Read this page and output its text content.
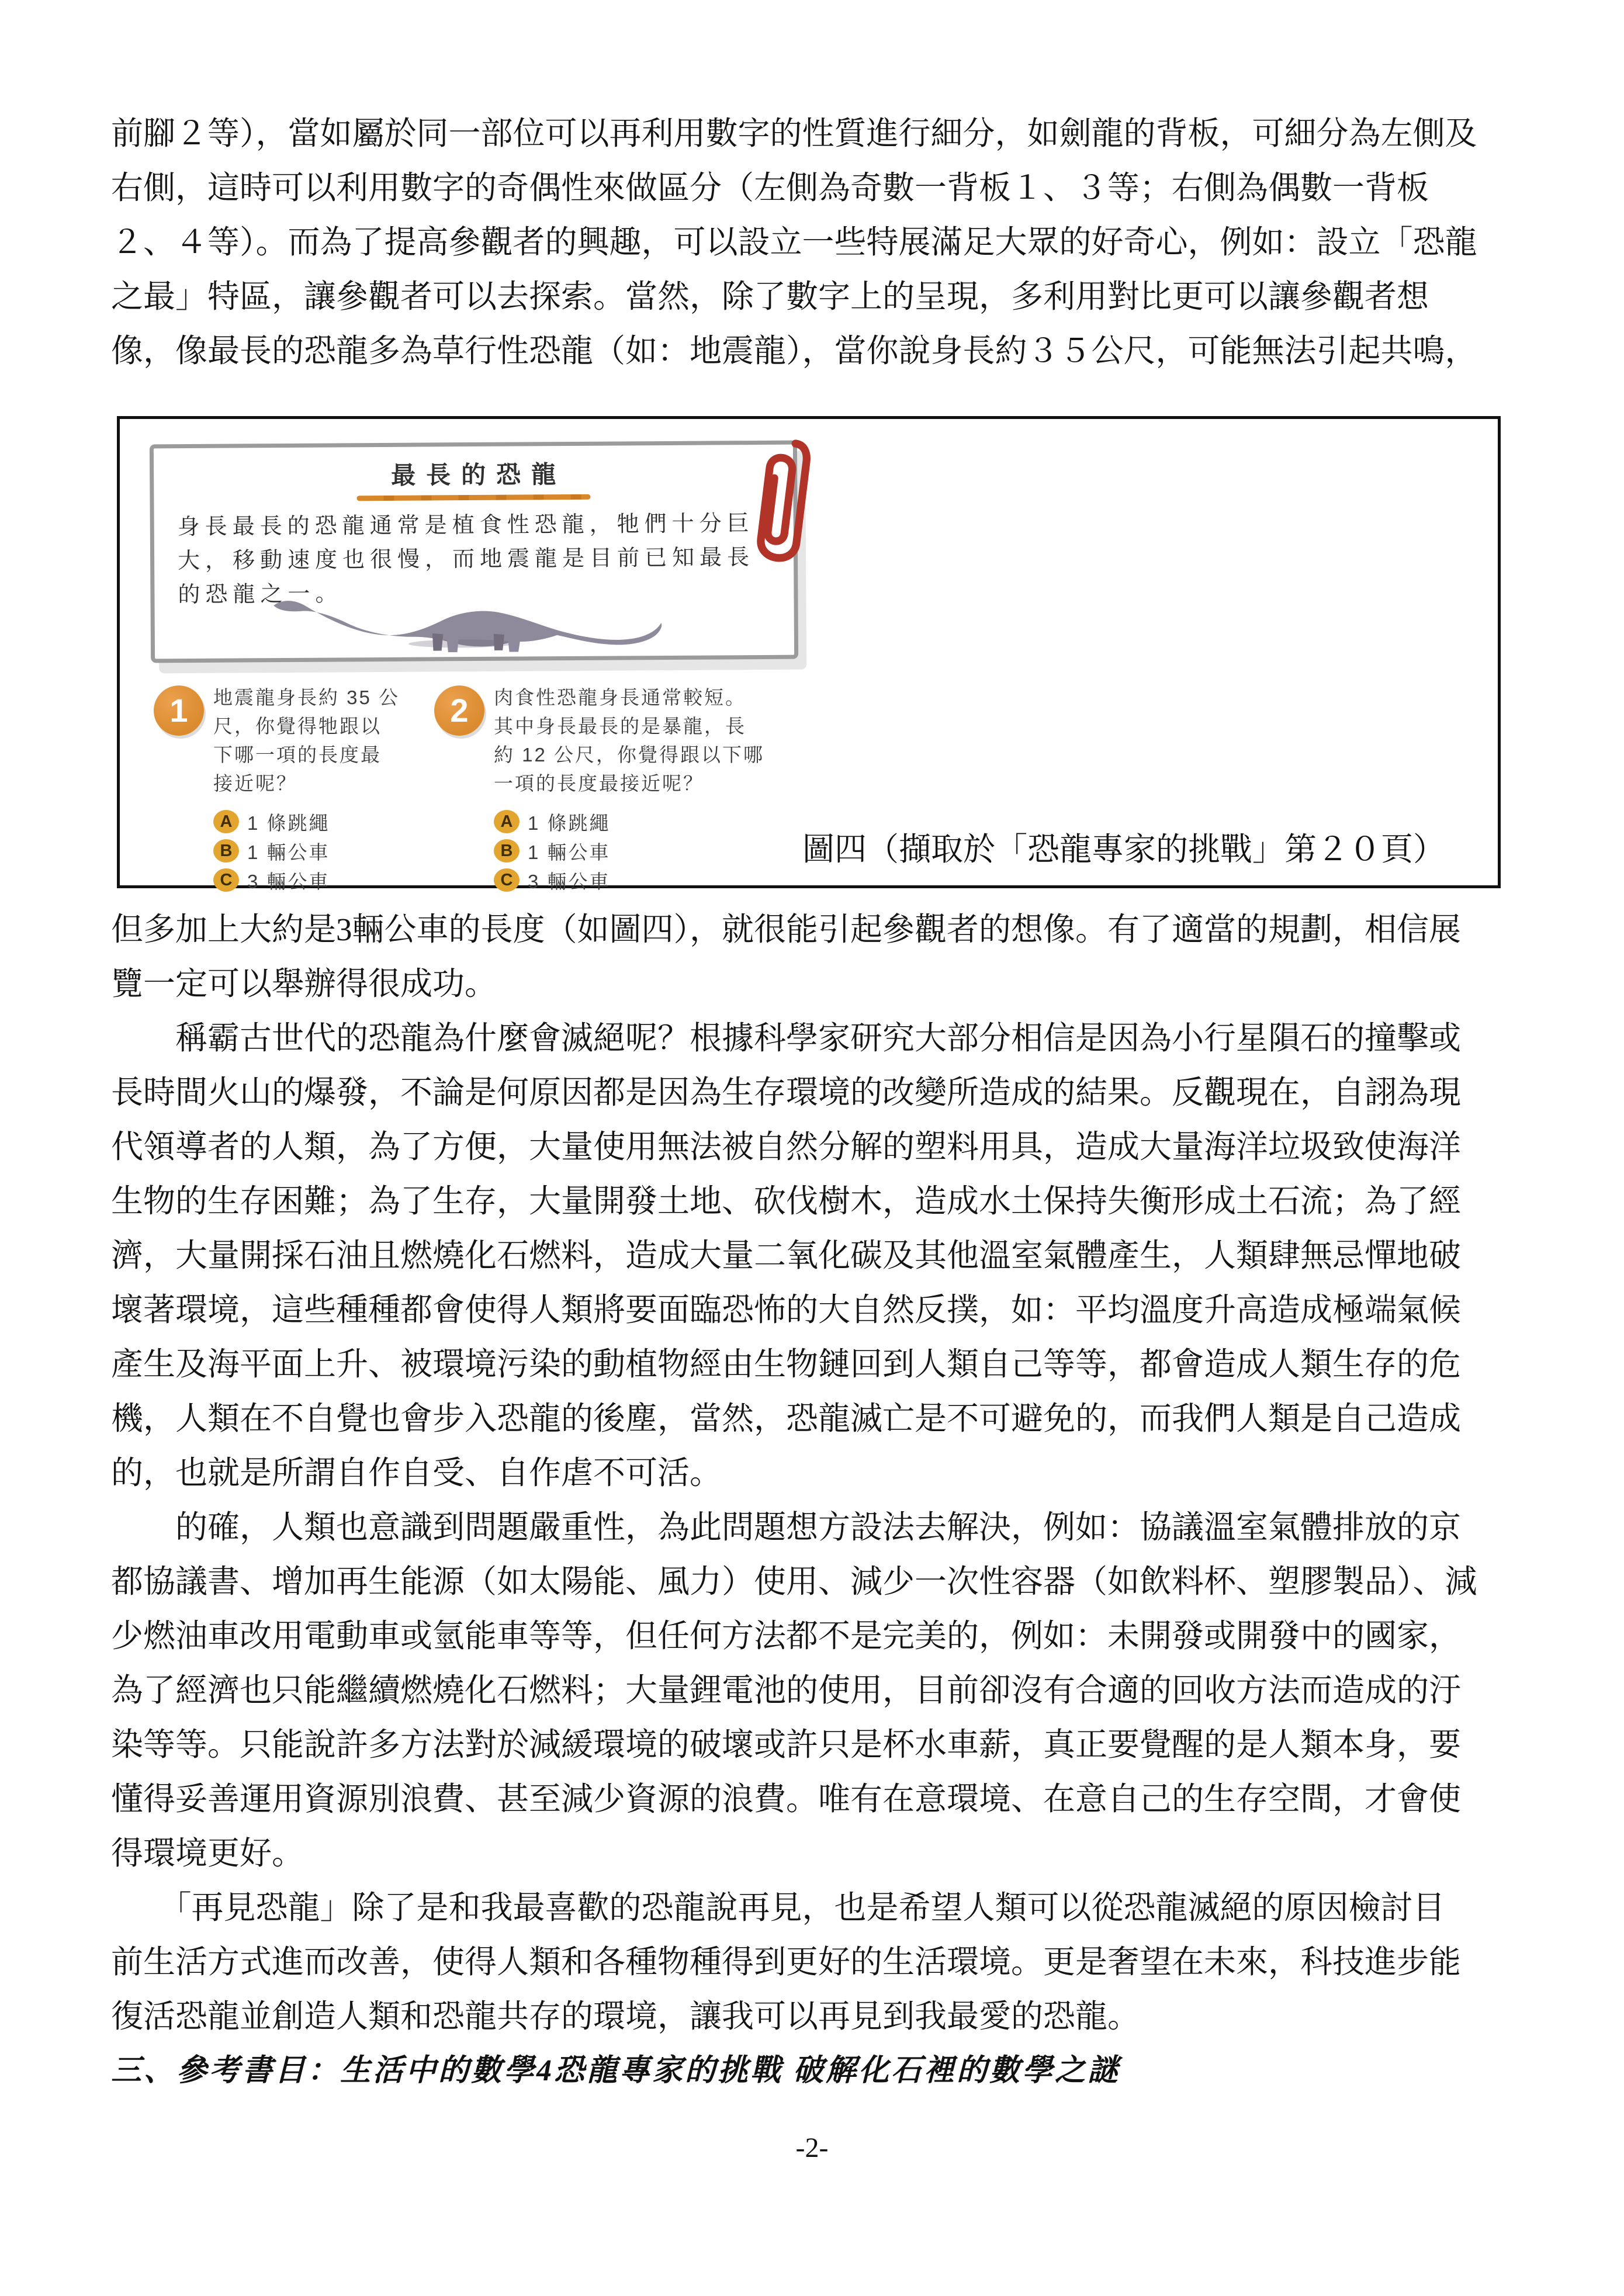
前腳２等），當如屬於同一部位可以再利用數字的性質進行細分，如劍龍的背板，可細分為左側及
右側，這時可以利用數字的奇偶性來做區分（左側為奇數一背板１、３等；右側為偶數一背板
２、４等）。而為了提高參觀者的興趣，可以設立一些特展滿足大眾的好奇心，例如：設立「恐龍
之最」特區，讓參觀者可以去探索。當然，除了數字上的呈現，多利用對比更可以讓參觀者想
像，像最長的恐龍多為草行性恐龍（如：地震龍），當你說身長約３５公尺，可能無法引起共鳴，
最長的恐龍
身長最長的恐龍通常是植食性恐龍，牠們十分巨
大，移動速度也很慢，而地震龍是目前已知最長
的恐龍之一。
1	地震龍身長約 35 公
尺，你覺得牠跟以
下哪一項的長度最
接近呢？
A 1 條跳繩
B 1 輛公車
C 3 輛公車
2	肉食性恐龍身長通常較短。
其中身長最長的是暴龍，長
約 12 公尺，你覺得跟以下哪
一項的長度最接近呢？
A 1 條跳繩
B 1 輛公車
C 3 輛公車
圖四（擷取於「恐龍專家的挑戰」第２０頁）
但多加上大約是3輛公車的長度（如圖四），就很能引起參觀者的想像。有了適當的規劃，相信展
覽一定可以舉辦得很成功。
　　稱霸古世代的恐龍為什麼會滅絕呢？根據科學家研究大部分相信是因為小行星隕石的撞擊或
長時間火山的爆發，不論是何原因都是因為生存環境的改變所造成的結果。反觀現在，自詡為現
代領導者的人類，為了方便，大量使用無法被自然分解的塑料用具，造成大量海洋垃圾致使海洋
生物的生存困難；為了生存，大量開發土地、砍伐樹木，造成水土保持失衡形成土石流；為了經
濟，大量開採石油且燃燒化石燃料，造成大量二氧化碳及其他溫室氣體產生，人類肆無忌憚地破
壞著環境，這些種種都會使得人類將要面臨恐怖的大自然反撲，如：平均溫度升高造成極端氣候
產生及海平面上升、被環境污染的動植物經由生物鏈回到人類自己等等，都會造成人類生存的危
機，人類在不自覺也會步入恐龍的後塵，當然，恐龍滅亡是不可避免的，而我們人類是自己造成
的，也就是所謂自作自受、自作虐不可活。
　　的確，人類也意識到問題嚴重性，為此問題想方設法去解決，例如：協議溫室氣體排放的京
都協議書、增加再生能源（如太陽能、風力）使用、減少一次性容器（如飲料杯、塑膠製品）、減
少燃油車改用電動車或氫能車等等，但任何方法都不是完美的，例如：未開發或開發中的國家，
為了經濟也只能繼續燃燒化石燃料；大量鋰電池的使用，目前卻沒有合適的回收方法而造成的汙
染等等。只能說許多方法對於減緩環境的破壞或許只是杯水車薪，真正要覺醒的是人類本身，要
懂得妥善運用資源別浪費、甚至減少資源的浪費。唯有在意環境、在意自己的生存空間，才會使
得環境更好。
　　「再見恐龍」除了是和我最喜歡的恐龍說再見，也是希望人類可以從恐龍滅絕的原因檢討目
前生活方式進而改善，使得人類和各種物種得到更好的生活環境。更是奢望在未來，科技進步能
復活恐龍並創造人類和恐龍共存的環境，讓我可以再見到我最愛的恐龍。
三、參考書目：生活中的數學4恐龍專家的挑戰 破解化石裡的數學之謎
-2-
